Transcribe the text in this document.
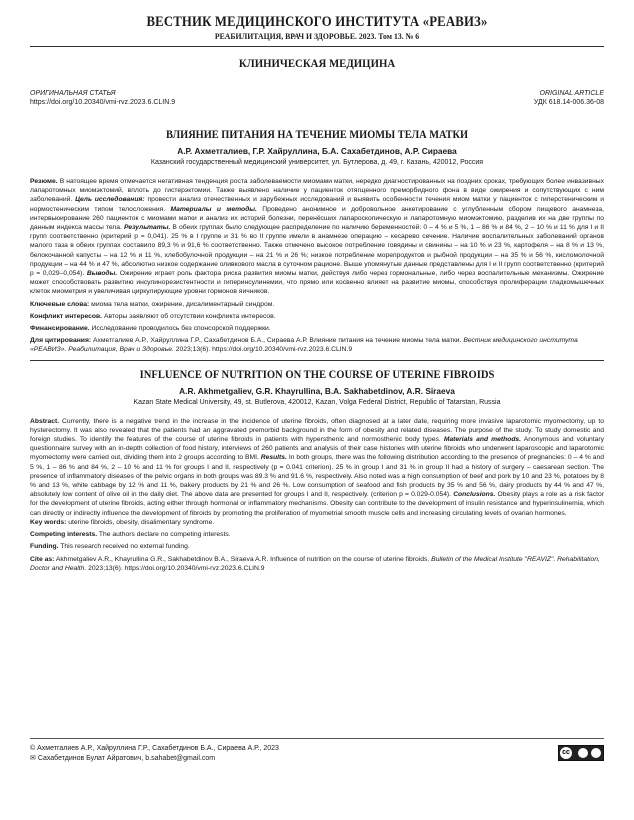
ВЕСТНИК МЕДИЦИНСКОГО ИНСТИТУТА «РЕАВИЗ»
РЕАБИЛИТАЦИЯ, ВРАЧ И ЗДОРОВЬЕ. 2023. Том 13. № 6
КЛИНИЧЕСКАЯ МЕДИЦИНА
ОРИГИНАЛЬНАЯ СТАТЬЯ
https://doi.org/10.20340/vmi-rvz.2023.6.CLIN.9
ORIGINAL ARTICLE
УДК 618.14-006.36-08
ВЛИЯНИЕ ПИТАНИЯ НА ТЕЧЕНИЕ МИОМЫ ТЕЛА МАТКИ
А.Р. Ахметгалиев, Г.Р. Хайруллина, Б.А. Сахабетдинов, А.Р. Сираева
Казанский государственный медицинский университет, ул. Бутлерова, д. 49, г. Казань, 420012, Россия
Резюме. В натоящее время отмечается негативная тенденция роста заболеваемости миомами матки, нередко диагностированных на поздних сроках, требующих более инвазивных лапаротомных миомэктомий, вплоть до гистерэктомии. Также выявлено наличие у пациенток отягщенного преморбидного фона в виде ожирения и сопутствующих с ним заболеваний. Цель исследования: провести анализ отечественных и зарубежных исследований и выявить особенности течения миом матки у пациенток с гиперстеническим и нормостеническим типом телосложения. Материалы и методы. Проведено анонимное и добровольное анкетирование с углубленным сбором пищевого анамнеза, интервьюирование 260 пациенток с миомами матки и анализ их историй болезни, перенёсших лапароскопическую и лапаротомную миомэктомию, разделив их на две группы по данным индекса массы тела. Результаты. В обеих группах было следующее распределение по наличию беременностей: 0 – 4 % и 5 %, 1 – 86 % и 84 %, 2 – 10 % и 11 % для I и II групп соответственно (критерий p = 0,041). 25 % в I группе и 31 % во II группе имели в анамнезе операцию – кесарево сечение. Наличие воспалительных заболеваний органов малого таза в обеих группах составило 89,3 % и 91,6 % соответственно. Также отмечено высокое потребление говядины и свинины – на 10 % и 23 %, картофеля – на 8 % и 13 %, белокочанной капусты – на 12 % и 11 %, хлебобулочной продукции – на 21 % и 26 %; низкое потребление морепродуктов и рыбной продукции – на 35 % и 56 %, кисломолочной продукции – на 44 % и 47 %, абсолютно низкое содержание оливкового масла в суточном рационе. Выше упомянутые данные представлены для I и II групп соответственно (критерий p = 0,029–0,054). Выводы. Ожирение играет роль фактора риска развития миомы матки, действуя либо через гормональные, либо через воспалительные механизмы. Ожирение может способствовать развитию инсулинорезистентности и гиперинсулинемии, что прямо или косвенно влияет на развитие миомы, способствуя пролиферации гладкомышечных клеток миометрия и увеличивая циркулирующие уровни гормонов яичников.
Ключевые слова: миома тела матки, ожирение, дисалиментарный синдром.
Конфликт интересов. Авторы заявляют об отсутствии конфликта интересов.
Финансирование. Исследование проводилось без спонсорской поддержки.
Для цитирования: Ахметгалиев А.Р., Хайруллина Г.Р., Сахабетдинов Б.А., Сираева А.Р. Влияние питания на течение миомы тела матки. Вестник медицинского института «РЕАВИЗ». Реабилитация, Врач и Здоровье. 2023;13(6). https://doi.org/10.20340/vmi-rvz.2023.6.CLIN.9
INFLUENCE OF NUTRITION ON THE COURSE OF UTERINE FIBROIDS
A.R. Akhmetgaliev, G.R. Khayrullina, B.A. Sakhabetdinov, A.R. Siraeva
Kazan State Medical University, 49, st. Butlerova, 420012, Kazan, Volga Federal District, Republic of Tatarstan, Russia
Abstract. Currently, there is a negative trend in the increase in the incidence of uterine fibroids, often diagnosed at a later date, requiring more invasive laparotomic myomectomy, up to hysterectomy. It was also revealed that the patients had an aggravated premorbid background in the form of obesity and related diseases. The purpose of the study. To study domestic and foreign studies. To identify the features of the course of uterine fibroids in patients with hypersthenic and normosthenic body types. Materials and methods. Anonymous and voluntary questionnaire survey with an in-depth collection of food history, interviews of 260 patients and analysis of their case histories with uterine fibroids who underwent laparoscopic and laparotomic myomectomy were carried out, dividing them into 2 groups according to BMI. Results. In both groups, there was the following distribution according to the presence of pregnancies: 0 – 4 % and 5 %, 1 – 86 % and 84 %, 2 – 10 % and 11 % for groups I and II, respectively (p = 0.041 criterion). 25 % in group I and 31 % in group II had a history of surgery – caesarean section. The presence of inflammatory diseases of the pelvic organs in both groups was 89.3 % and 91.6 %, respectively. Also noted was a high consumption of beef and pork by 10 and 23 %, potatoes by 8 % and 13 %, white cabbage by 12 % and 11 %, bakery products by 21 % and 26 %. Low consumption of seafood and fish products by 35 % and 56 %, dairy products by 44 % and 47 %, absolutely low content of olive oil in the daily diet. The above data are presented for groups I and II, respectively. (criterion p = 0.029-0.054). Conclusions. Obesity plays a role as a risk factor for the development of uterine fibroids, acting either through hormonal or inflammatory mechanisms. Obesity can contribute to the development of insulin resistance and hyperinsulinemia, which can directly or indirectly influence the development of fibroids by promoting the proliferation of myometrial smooth muscle cells and increasing circulating levels of ovarian hormones.
Key words: uterine fibroids, obesity, disalimentary syndrome.
Competing interests. The authors declare no competing interests.
Funding. This research received no external funding.
Cite as: Akhmetgaliev A.R., Khayrullina G.R., Sakhabetdinov B.A., Siraeva A.R. Influence of nutrition on the course of uterine fibroids. Bulletin of the Medical Institute "REAVIZ". Rehabilitation, Doctor and Health. 2023;13(6). https://doi.org/10.20340/vmi-rvz.2023.6.CLIN.9
© Ахметгалиев А.Р., Хайруллина Г.Р., Сахабетдинов Б.А., Сираева А.Р., 2023
✉ Сахабетдинов Булат Айратович, b.sahabet@gmail.com
cc
